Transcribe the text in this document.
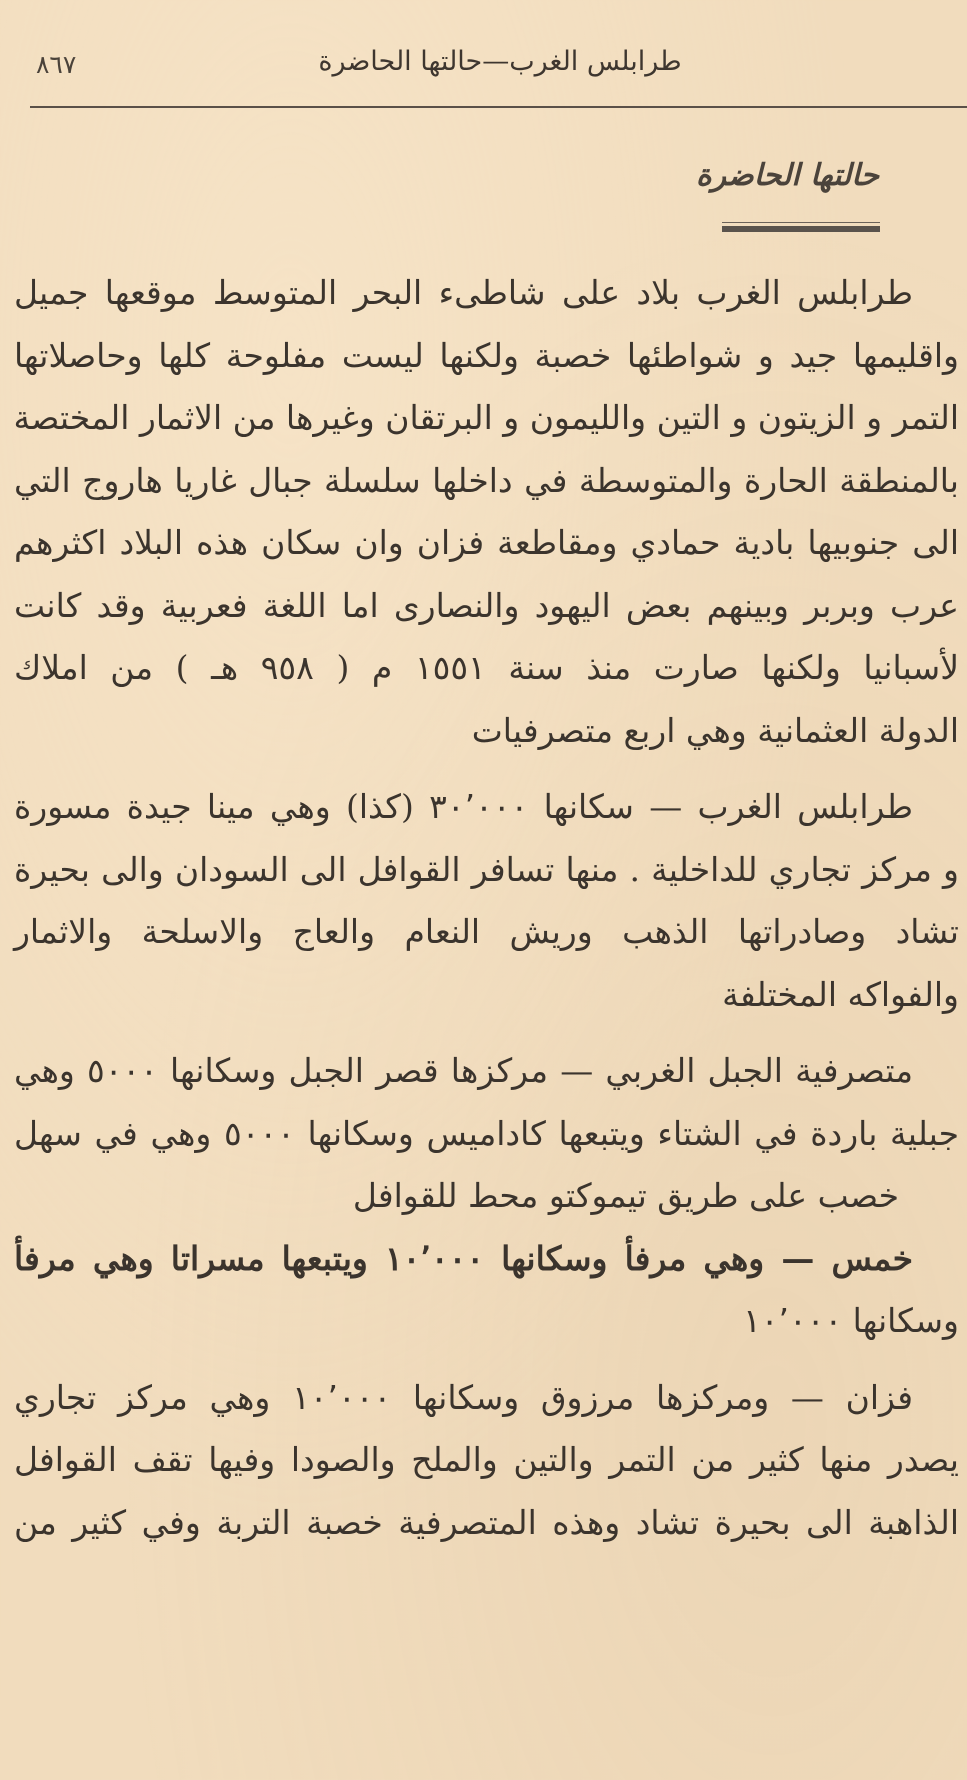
٨٦٧	طرابلس الغرب—حالتها الحاضرة
حالتها الحاضرة
طرابلس الغرب بلاد على شاطىء البحر المتوسط موقعها جميل
واقليمها جيد و شواطئها خصبة ولكنها ليست مفلوحة كلها وحاصلاتها
التمر و الزيتون و التين والليمون و البرتقان وغيرها من الاثمار المختصة
بالمنطقة الحارة والمتوسطة في داخلها سلسلة جبال غاريا هاروج التي
الى جنوبيها بادية حمادي ومقاطعة فزان وان سكان هذه البلاد اكثرهم
عرب وبربر وبينهم بعض اليهود والنصارى اما اللغة فعربية وقد كانت
لأسبانيا ولكنها صارت منذ سنة ١٥٥١ م ( ٩٥٨ هـ ) من املاك
الدولة العثمانية وهي اربع متصرفيات
طرابلس الغرب — سكانها ٣٠٬٠٠٠ (كذا) وهي مينا جيدة مسورة
و مركز تجاري للداخلية . منها تسافر القوافل الى السودان والى بحيرة
تشاد وصادراتها الذهب وريش النعام والعاج والاسلحة والاثمار
والفواكه المختلفة
متصرفية الجبل الغربي — مركزها قصر الجبل وسكانها ٥٠٠٠ وهي
جبلية باردة في الشتاء ويتبعها كاداميس وسكانها ٥٠٠٠ وهي في سهل
خصب على طريق تيموكتو محط للقوافل
خمس — وهي مرفأ وسكانها ١٠٬٠٠٠ ويتبعها مسراتا وهي مرفأ
وسكانها ١٠٬٠٠٠
فزان — ومركزها مرزوق وسكانها ١٠٬٠٠٠ وهي مركز تجاري
يصدر منها كثير من التمر والتين والملح والصودا وفيها تقف القوافل
الذاهبة الى بحيرة تشاد وهذه المتصرفية خصبة التربة وفي كثير من
